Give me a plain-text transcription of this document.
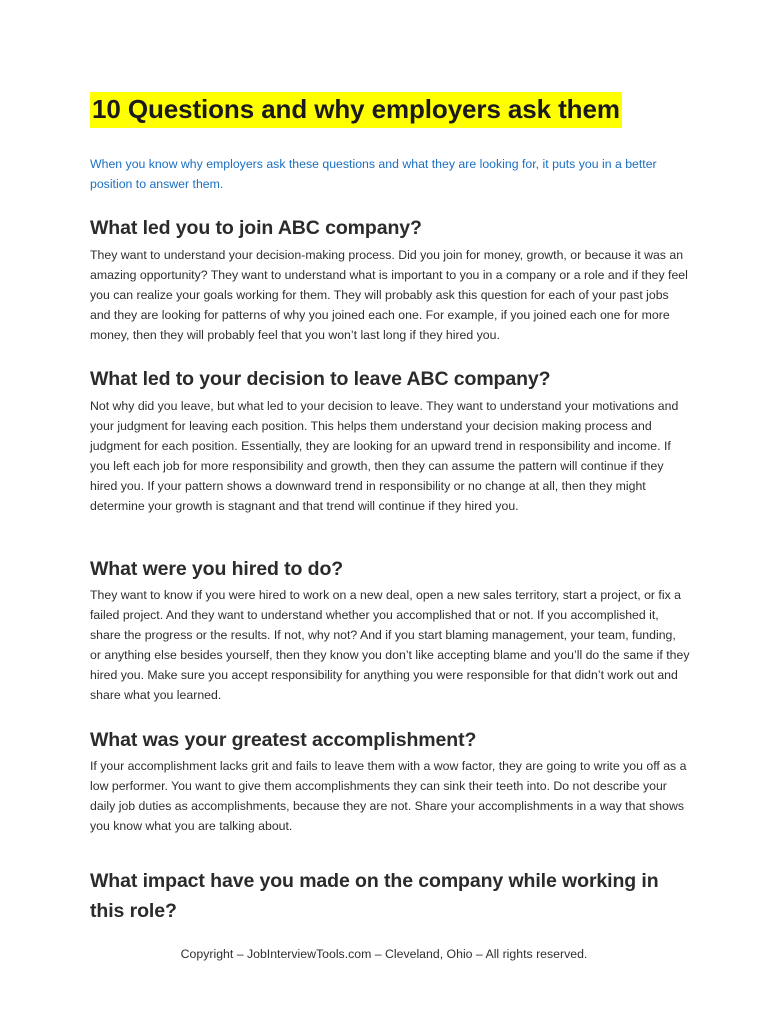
10 Questions and why employers ask them
When you know why employers ask these questions and what they are looking for, it puts you in a better position to answer them.
What led you to join ABC company?

They want to understand your decision-making process. Did you join for money, growth, or because it was an amazing opportunity? They want to understand what is important to you in a company or a role and if they feel you can realize your goals working for them. They will probably ask this question for each of your past jobs and they are looking for patterns of why you joined each one. For example, if you joined each one for more money, then they will probably feel that you won’t last long if they hired you.

What led to your decision to leave ABC company?

Not why did you leave, but what led to your decision to leave. They want to understand your motivations and your judgment for leaving each position. This helps them understand your decision making process and judgment for each position. Essentially, they are looking for an upward trend in responsibility and income. If you left each job for more responsibility and growth, then they can assume the pattern will continue if they hired you. If your pattern shows a downward trend in responsibility or no change at all, then they might determine your growth is stagnant and that trend will continue if they hired you.

What were you hired to do?

They want to know if you were hired to work on a new deal, open a new sales territory, start a project, or fix a failed project. And they want to understand whether you accomplished that or not. If you accomplished it, share the progress or the results. If not, why not? And if you start blaming management, your team, funding, or anything else besides yourself, then they know you don’t like accepting blame and you’ll do the same if they hired you. Make sure you accept responsibility for anything you were responsible for that didn’t work out and share what you learned.

What was your greatest accomplishment?

If your accomplishment lacks grit and fails to leave them with a wow factor, they are going to write you off as a low performer. You want to give them accomplishments they can sink their teeth into. Do not describe your daily job duties as accomplishments, because they are not. Share your accomplishments in a way that shows you know what you are talking about.

What impact have you made on the company while working in this role?
Copyright – JobInterviewTools.com – Cleveland, Ohio – All rights reserved.
